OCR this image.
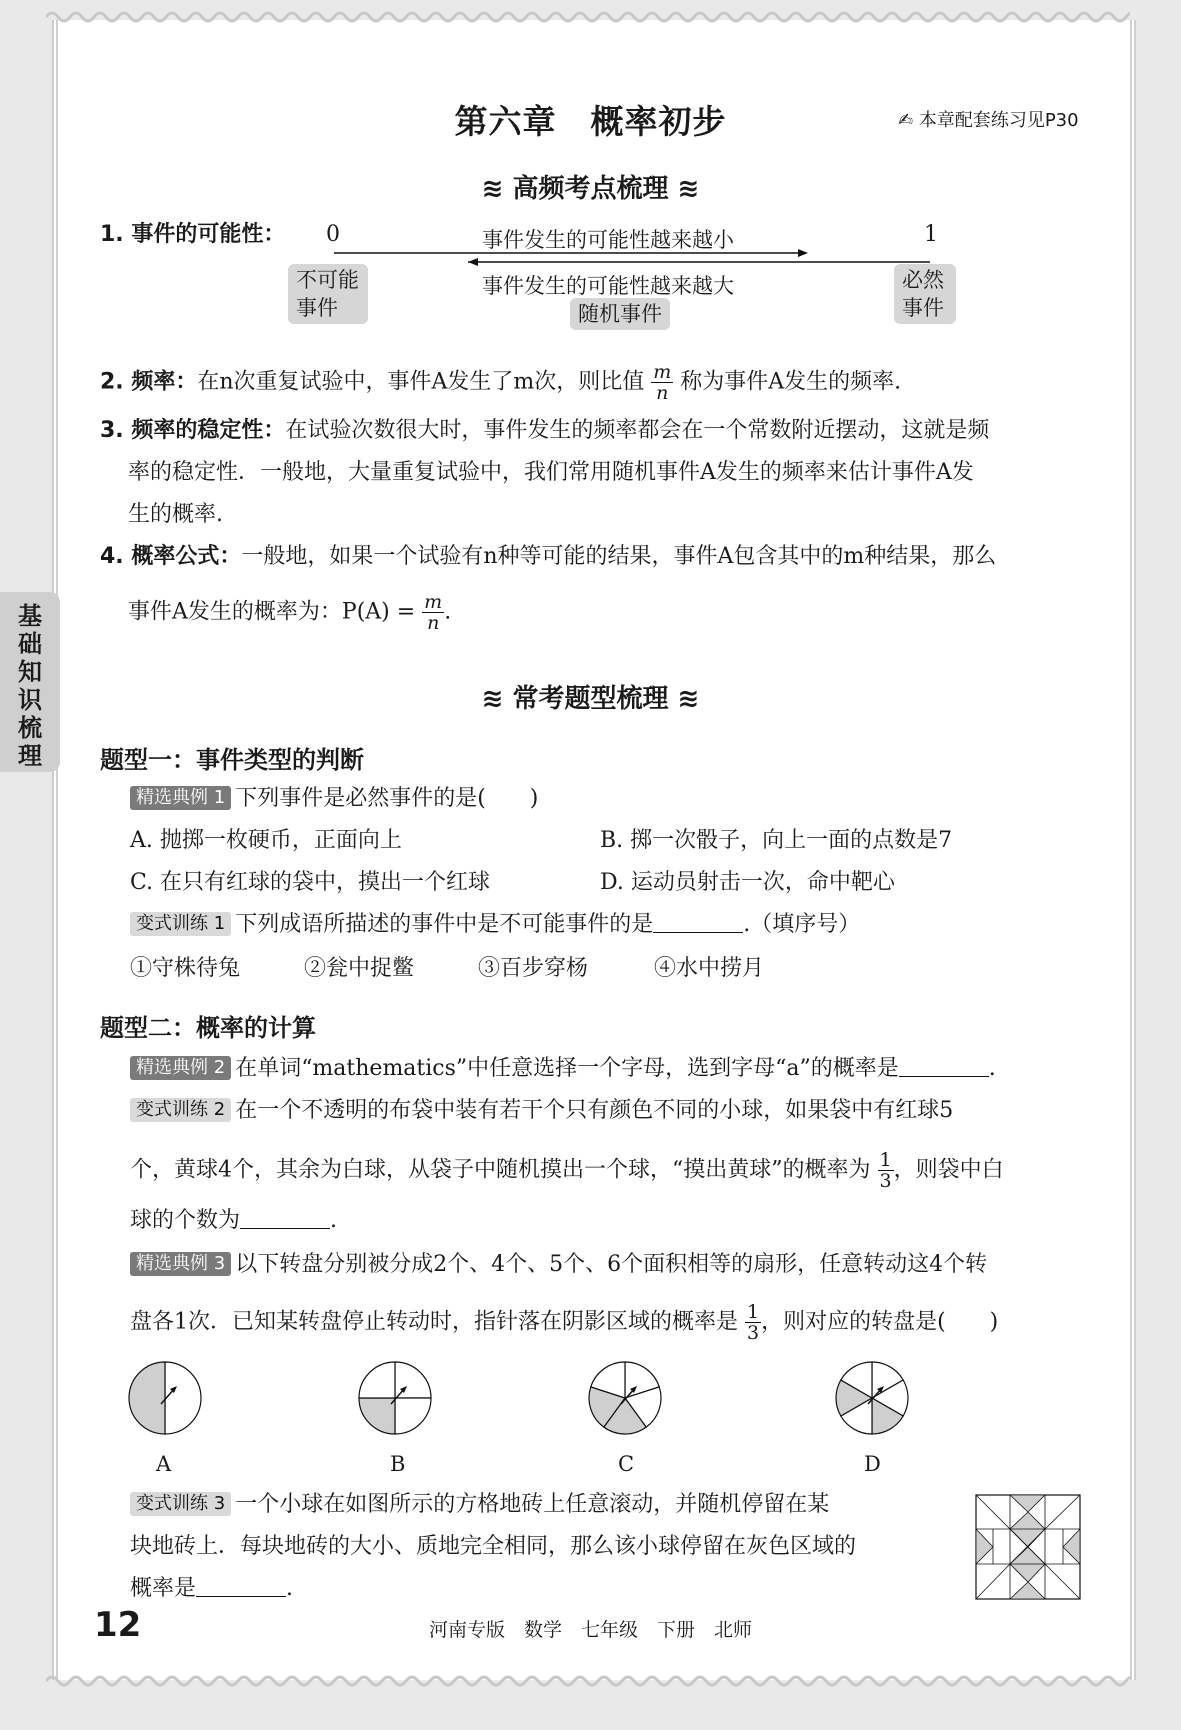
第六章　概率初步	✍ 本章配套练习见P30
≋ 高频考点梳理 ≋
1. 事件的可能性： 0	1
事件发生的可能性越来越小
事件发生的可能性越来越大
不可能
事件	随机事件
必然
事件
2. 频率：在n次重复试验中，事件A发生了m次，则比值 $\frac{m}{n}$ 称为事件A发生的频率.
3. 频率的稳定性：在试验次数很大时，事件发生的频率都会在一个常数附近摆动，这就是频
率的稳定性．一般地，大量重复试验中，我们常用随机事件A发生的频率来估计事件A发
生的概率.
4. 概率公式：一般地，如果一个试验有n种等可能的结果，事件A包含其中的m种结果，那么
事件A发生的概率为：$P(A) = \frac{m}{n}$ .
基
础
知
识
梳
理
≋ 常考题型梳理 ≋
题型一：事件类型的判断
精选典例 1 下列事件是必然事件的是(　　)
A. 抛掷一枚硬币，正面向上	B. 掷一次骰子，向上一面的点数是7
C. 在只有红球的袋中，摸出一个红球	D. 运动员射击一次，命中靶心
变式训练 1 下列成语所描述的事件中是不可能事件的是	.（填序号）
①守株待兔	②瓮中捉鳖	③百步穿杨	④水中捞月
题型二：概率的计算
精选典例 2 在单词“mathematics”中任意选择一个字母，选到字母“a”的概率是	.
变式训练 2 在一个不透明的布袋中装有若干个只有颜色不同的小球，如果袋中有红球5
个，黄球4个，其余为白球，从袋子中随机摸出一个球，“摸出黄球”的概率为 $\frac{1}{3}$ ，则袋中白
球的个数为	.
精选典例 3 以下转盘分别被分成2个、4个、5个、6个面积相等的扇形，任意转动这4个转
盘各1次．已知某转盘停止转动时，指针落在阴影区域的概率是 $\frac{1}{3}$ ，则对应的转盘是(　　)
A	B	C	D
变式训练 3 一个小球在如图所示的方格地砖上任意滚动，并随机停留在某
块地砖上．每块地砖的大小、质地完全相同，那么该小球停留在灰色区域的
概率是	.
12	河南专版　数学　七年级　下册　北师
